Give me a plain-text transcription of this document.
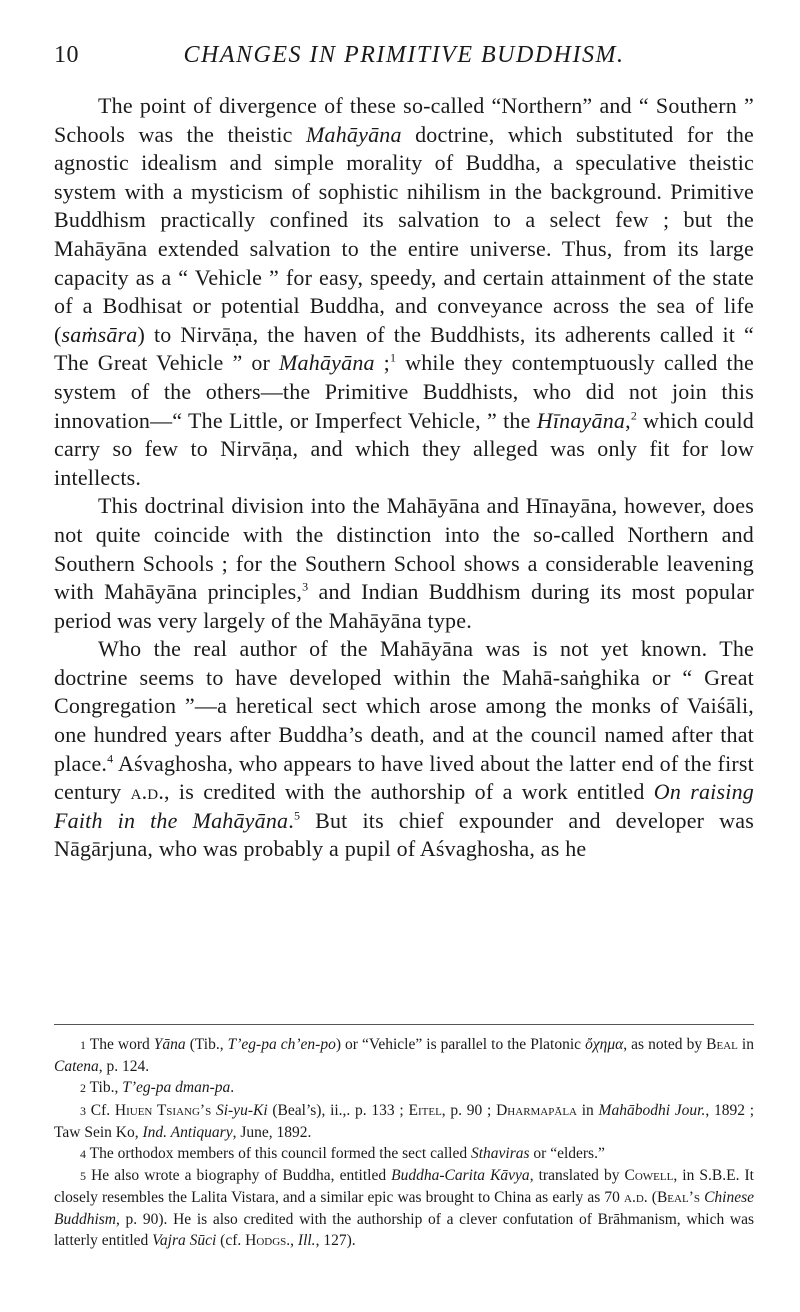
10	CHANGES IN PRIMITIVE BUDDHISM.

The point of divergence of these so-called “Northern” and “ Southern ” Schools was the theistic Mahāyāna doctrine, which substituted for the agnostic idealism and simple morality of Buddha, a speculative theistic system with a mysticism of sophistic nihilism in the background. Primitive Buddhism practically confined its salvation to a select few ; but the Mahāyāna extended salvation to the entire universe. Thus, from its large capacity as a “ Vehicle ” for easy, speedy, and certain attainment of the state of a Bodhisat or potential Buddha, and conveyance across the sea of life (saṁsāra) to Nirvāṇa, the haven of the Buddhists, its adherents called it “ The Great Vehicle ” or Mahāyāna ;$^1$ while they contemptuously called the system of the others—the Primitive Buddhists, who did not join this innovation—“ The Little, or Imperfect Vehicle, ” the Hīnayāna,$^2$ which could carry so few to Nirvāṇa, and which they alleged was only fit for low intellects.

This doctrinal division into the Mahāyāna and Hīnayāna, however, does not quite coincide with the distinction into the so-called Northern and Southern Schools ; for the Southern School shows a considerable leavening with Mahāyāna principles,$^3$ and Indian Buddhism during its most popular period was very largely of the Mahāyāna type.

Who the real author of the Mahāyāna was is not yet known. The doctrine seems to have developed within the Mahā-saṅghika or “ Great Congregation ”—a heretical sect which arose among the monks of Vaiśāli, one hundred years after Buddha’s death, and at the council named after that place.$^4$ Aśvaghosha, who appears to have lived about the latter end of the first century a.d., is credited with the authorship of a work entitled On raising Faith in the Mahāyāna.$^5$ But its chief expounder and developer was Nāgārjuna, who was probably a pupil of Aśvaghosha, as he

1 The word Yāna (Tib., T’eg-pa ch’en-po) or “Vehicle” is parallel to the Platonic ὄχημα, as noted by Beal in Catena, p. 124.

2 Tib., T’eg-pa dman-pa.

3 Cf. Hiuen Tsiang’s Si-yu-Ki (Beal’s), ii.,. p. 133 ; Eitel, p. 90 ; Dharmapāla in Mahābodhi Jour., 1892 ; Taw Sein Ko, Ind. Antiquary, June, 1892.

4 The orthodox members of this council formed the sect called Sthaviras or “elders.”

5 He also wrote a biography of Buddha, entitled Buddha-Carita Kāvya, translated by Cowell, in S.B.E. It closely resembles the Lalita Vistara, and a similar epic was brought to China as early as 70 a.d. (Beal’s Chinese Buddhism, p. 90). He is also credited with the authorship of a clever confutation of Brāhmanism, which was latterly entitled Vajra Sūci (cf. Hodgs., Ill., 127).
